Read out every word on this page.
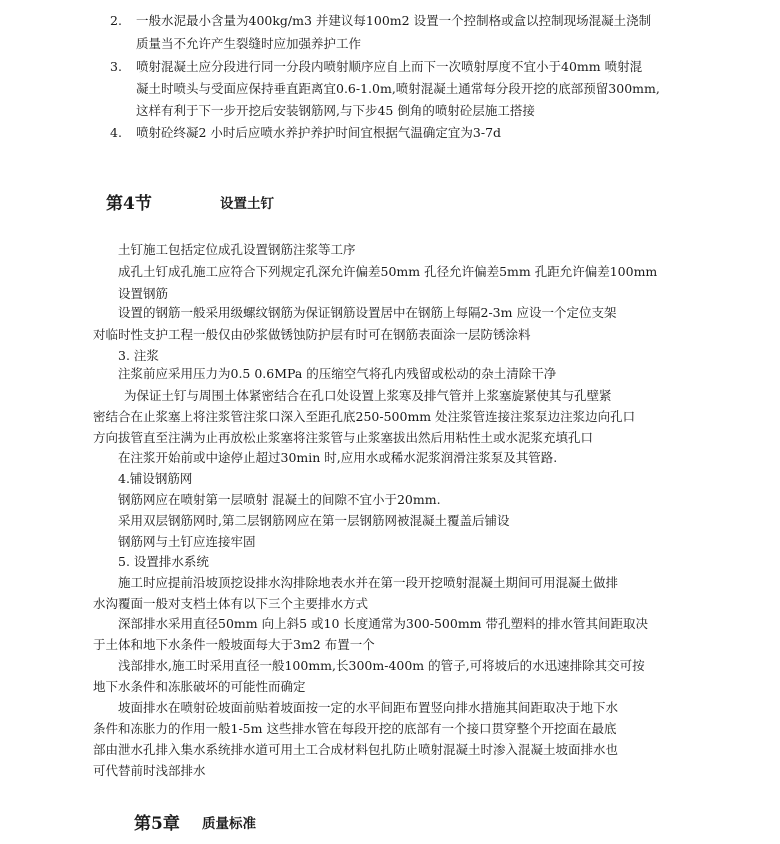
2. 一般水泥最小含量为400kg/m3 并建议每100m2 设置一个控制格或盒以控制现场混凝土浇制
质量当不允许产生裂缝时应加强养护工作
3. 喷射混凝土应分段进行同一分段内喷射顺序应自上而下一次喷射厚度不宜小于40mm 喷射混
凝土时喷头与受面应保持垂直距离宜0.6-1.0m,喷射混凝土通常每分段开挖的底部预留300mm,
这样有利于下一步开挖后安装钢筋网,与下步45 倒角的喷射砼层施工搭接
4. 喷射砼终凝2 小时后应喷水养护养护时间宜根据气温确定宜为3-7d
第4节	设置土钉
土钉施工包括定位成孔设置钢筋注浆等工序
成孔土钉成孔施工应符合下列规定孔深允许偏差50mm 孔径允许偏差5mm 孔距允许偏差100mm
设置钢筋
设置的钢筋一般采用级螺纹钢筋为保证钢筋设置居中在钢筋上每隔2-3m 应设一个定位支架
对临时性支护工程一般仅由砂浆做锈蚀防护层有时可在钢筋表面涂一层防锈涂料
3. 注浆
注浆前应采用压力为0.5 0.6MPa 的压缩空气将孔内残留或松动的杂土清除干净
为保证土钉与周围土体紧密结合在孔口处设置上浆寒及排气管并上浆塞旋紧使其与孔壁紧
密结合在止浆塞上将注浆管注浆口深入至距孔底250-500mm 处注浆管连接注浆泵边注浆边向孔口
方向拔管直至注满为止再放松止浆塞将注浆管与止浆塞拔出然后用粘性土或水泥浆充填孔口
在注浆开始前或中途停止超过30min 时,应用水或稀水泥浆润滑注浆泵及其管路.
4.铺设钢筋网
钢筋网应在喷射第一层喷射 混凝土的间隙不宜小于20mm.
采用双层钢筋网时,第二层钢筋网应在第一层钢筋网被混凝土覆盖后铺设
钢筋网与土钉应连接牢固
5. 设置排水系统
施工时应提前沿坡顶挖设排水沟排除地表水并在第一段开挖喷射混凝土期间可用混凝土做排
水沟覆面一般对支档土体有以下三个主要排水方式
深部排水采用直径50mm 向上斜5 或10 长度通常为300-500mm 带孔塑料的排水管其间距取决
于土体和地下水条件一般坡面每大于3m2 布置一个
浅部排水,施工时采用直径一般100mm,长300m-400m 的管子,可将坡后的水迅速排除其交可按
地下水条件和冻胀破坏的可能性而确定
坡面排水在喷射砼坡面前贴着坡面按一定的水平间距布置竖向排水措施其间距取决于地下水
条件和冻胀力的作用一般1-5m 这些排水管在每段开挖的底部有一个接口贯穿整个开挖面在最底
部由泄水孔排入集水系统排水道可用土工合成材料包扎防止喷射混凝土时渗入混凝土坡面排水也
可代替前时浅部排水
第5章 质量标准
